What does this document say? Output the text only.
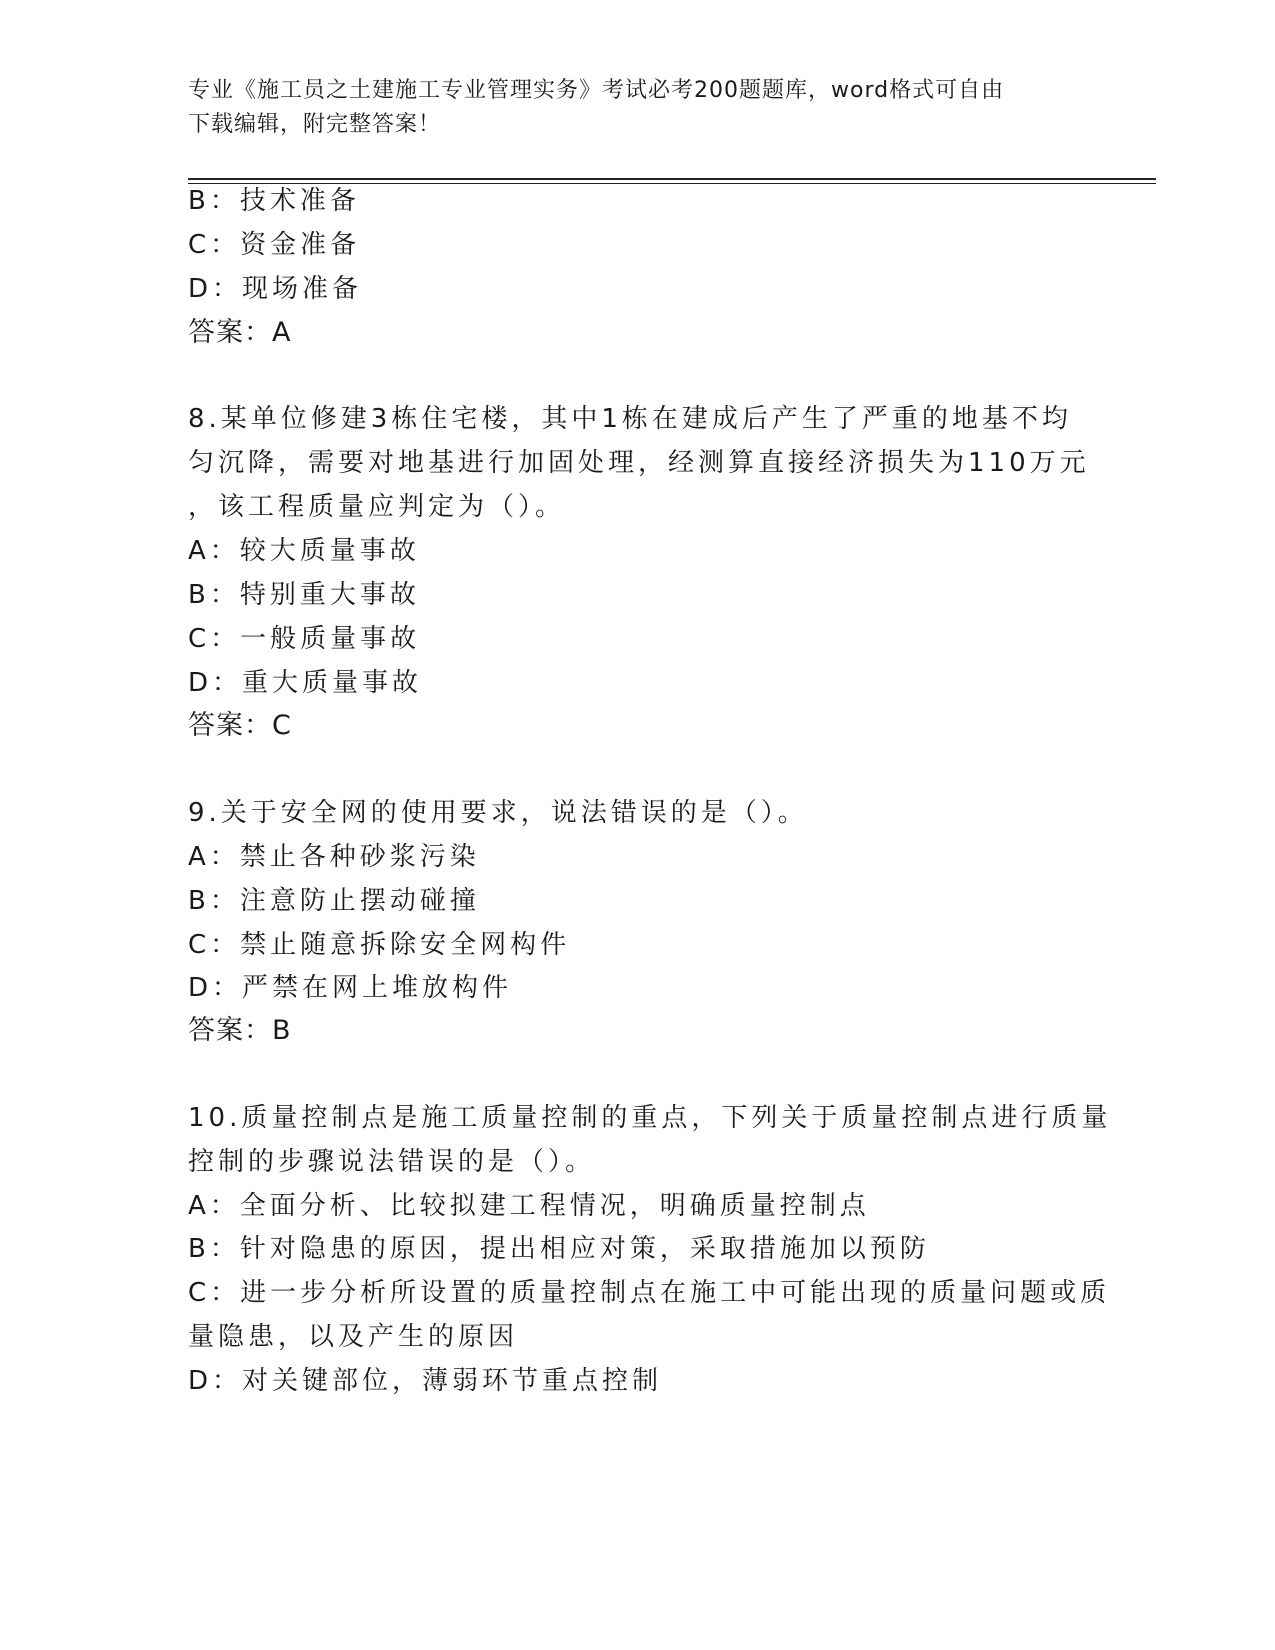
专业《施工员之土建施工专业管理实务》考试必考200题题库，word格式可自由
下载编辑，附完整答案！
B：技术准备
C：资金准备
D：现场准备
答案：A
8.某单位修建3栋住宅楼，其中1栋在建成后产生了严重的地基不均
匀沉降，需要对地基进行加固处理，经测算直接经济损失为110万元
，该工程质量应判定为（）。
A：较大质量事故
B：特别重大事故
C：一般质量事故
D：重大质量事故
答案：C
9.关于安全网的使用要求，说法错误的是（）。
A：禁止各种砂浆污染
B：注意防止摆动碰撞
C：禁止随意拆除安全网构件
D：严禁在网上堆放构件
答案：B
10.质量控制点是施工质量控制的重点，下列关于质量控制点进行质量
控制的步骤说法错误的是（）。
A：全面分析、比较拟建工程情况，明确质量控制点
B：针对隐患的原因，提出相应对策，采取措施加以预防
C：进一步分析所设置的质量控制点在施工中可能出现的质量问题或质
量隐患，以及产生的原因
D：对关键部位，薄弱环节重点控制
